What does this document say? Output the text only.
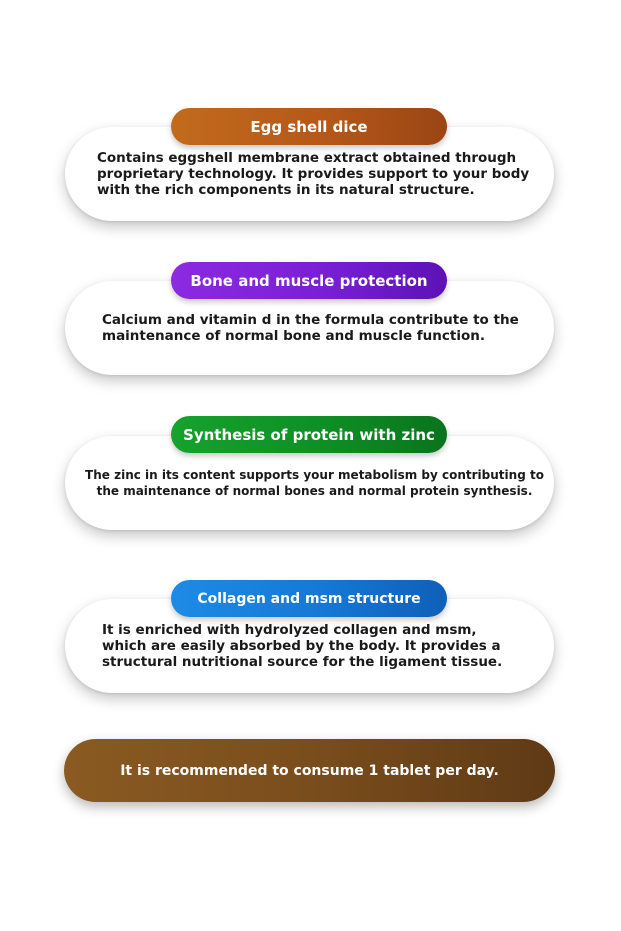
Contains eggshell membrane extract obtained through
proprietary technology. It provides support to your body
with the rich components in its natural structure.
Egg shell dice
Calcium and vitamin d in the formula contribute to the
maintenance of normal bone and muscle function.
Bone and muscle protection
The zinc in its content supports your metabolism by contributing to
the maintenance of normal bones and normal protein synthesis.
Synthesis of protein with zinc
It is enriched with hydrolyzed collagen and msm,
which are easily absorbed by the body. It provides a
structural nutritional source for the ligament tissue.
Collagen and msm structure
It is recommended to consume 1 tablet per day.
